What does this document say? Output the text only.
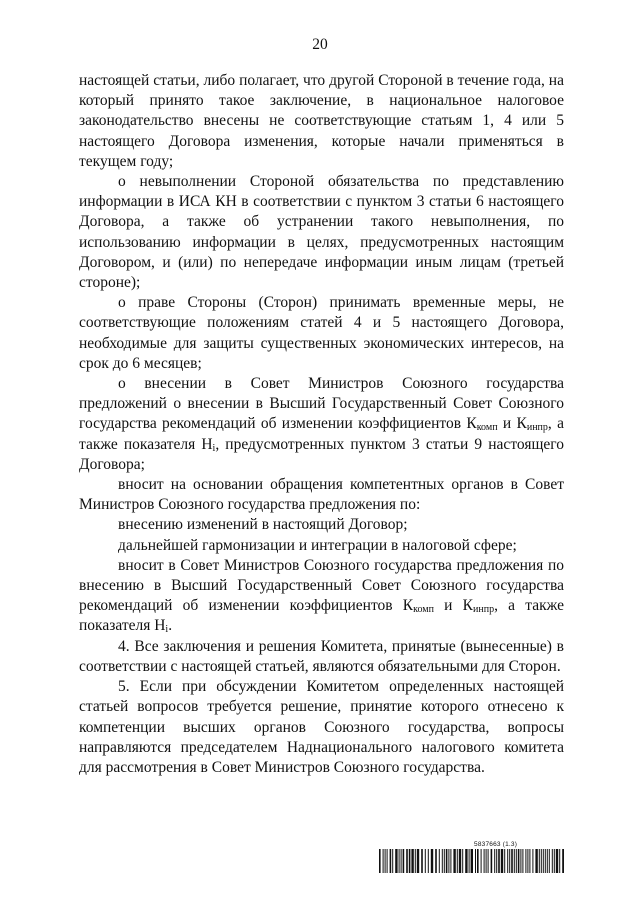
20

настоящей статьи, либо полагает, что другой Стороной в течение года, на который принято такое заключение, в национальное налоговое законодательство внесены не соответствующие статьям 1, 4 или 5 настоящего Договора изменения, которые начали применяться в текущем году;

о невыполнении Стороной обязательства по представлению информации в ИСА КН в соответствии с пунктом 3 статьи 6 настоящего Договора, а также об устранении такого невыполнения, по использованию информации в целях, предусмотренных настоящим Договором, и (или) по непередаче информации иным лицам (третьей стороне);

о праве Стороны (Сторон) принимать временные меры, не соответствующие положениям статей 4 и 5 настоящего Договора, необходимые для защиты существенных экономических интересов, на срок до 6 месяцев;

о внесении в Совет Министров Союзного государства предложений о внесении в Высший Государственный Совет Союзного государства рекомендаций об изменении коэффициентов $К_{комп}$ и $К_{инпр}$, а также показателя $Н_i$, предусмотренных пунктом 3 статьи 9 настоящего Договора;

вносит на основании обращения компетентных органов в Совет Министров Союзного государства предложения по:

внесению изменений в настоящий Договор;

дальнейшей гармонизации и интеграции в налоговой сфере;

вносит в Совет Министров Союзного государства предложения по внесению в Высший Государственный Совет Союзного государства рекомендаций об изменении коэффициентов $К_{комп}$ и $К_{инпр}$, а также показателя $Н_i$.

4. Все заключения и решения Комитета, принятые (вынесенные) в соответствии с настоящей статьей, являются обязательными для Сторон.

5. Если при обсуждении Комитетом определенных настоящей статьей вопросов требуется решение, принятие которого отнесено к компетенции высших органов Союзного государства, вопросы направляются председателем Наднационального налогового комитета для рассмотрения в Совет Министров Союзного государства.

5837663 (1.3)
